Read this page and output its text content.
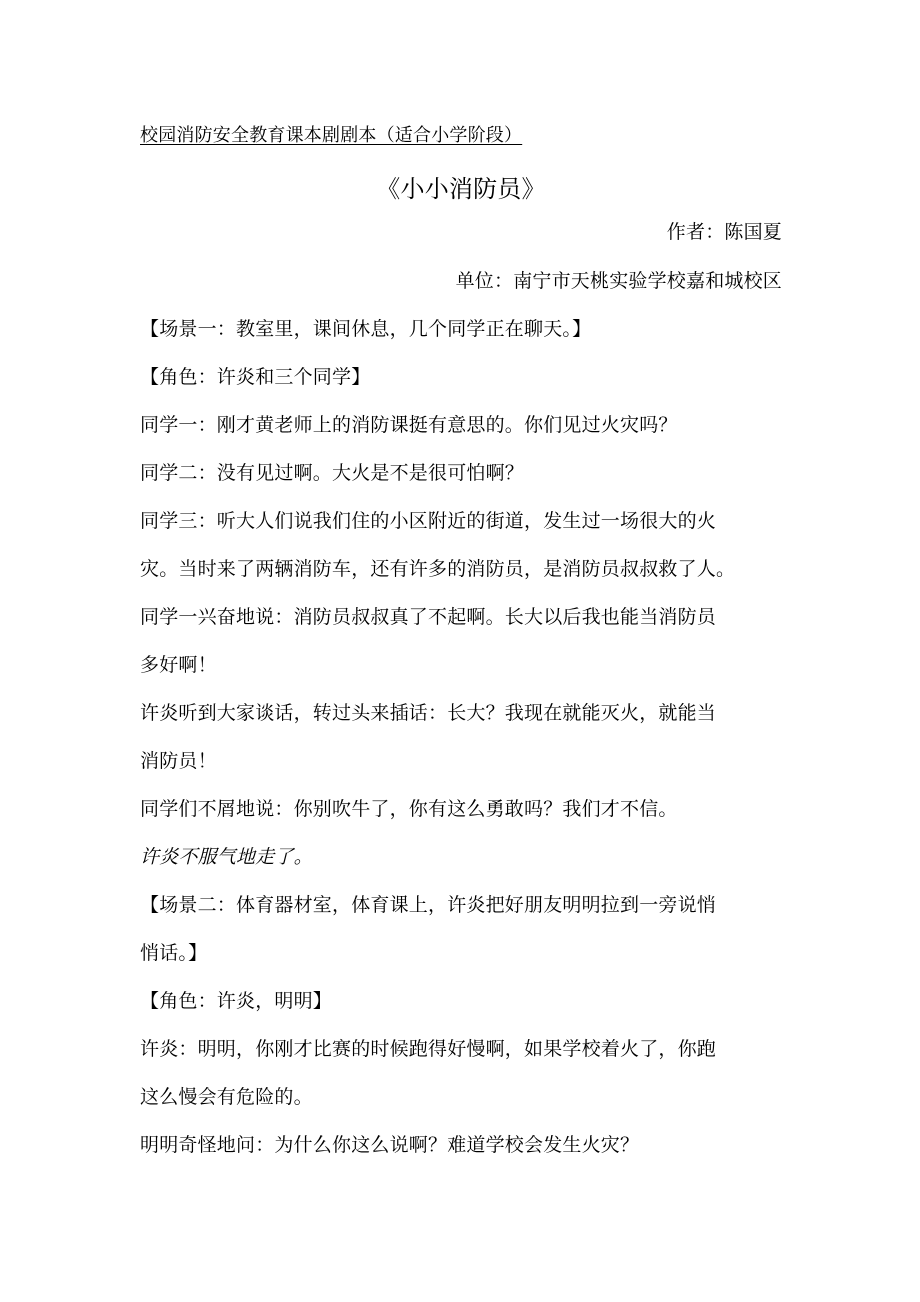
校园消防安全教育课本剧剧本（适合小学阶段）
《小小消防员》
作者：陈国夏
单位：南宁市天桃实验学校嘉和城校区
【场景一：教室里，课间休息，几个同学正在聊天。】
【角色：许炎和三个同学】
同学一：刚才黄老师上的消防课挺有意思的。你们见过火灾吗？
同学二：没有见过啊。大火是不是很可怕啊？
同学三：听大人们说我们住的小区附近的街道，发生过一场很大的火
灾。当时来了两辆消防车，还有许多的消防员，是消防员叔叔救了人。
同学一兴奋地说：消防员叔叔真了不起啊。长大以后我也能当消防员
多好啊！
许炎听到大家谈话，转过头来插话：长大？我现在就能灭火，就能当
消防员！
同学们不屑地说：你别吹牛了，你有这么勇敢吗？我们才不信。
许炎不服气地走了。
【场景二：体育器材室，体育课上，许炎把好朋友明明拉到一旁说悄
悄话。】
【角色：许炎，明明】
许炎：明明，你刚才比赛的时候跑得好慢啊，如果学校着火了，你跑
这么慢会有危险的。
明明奇怪地问：为什么你这么说啊？难道学校会发生火灾？
